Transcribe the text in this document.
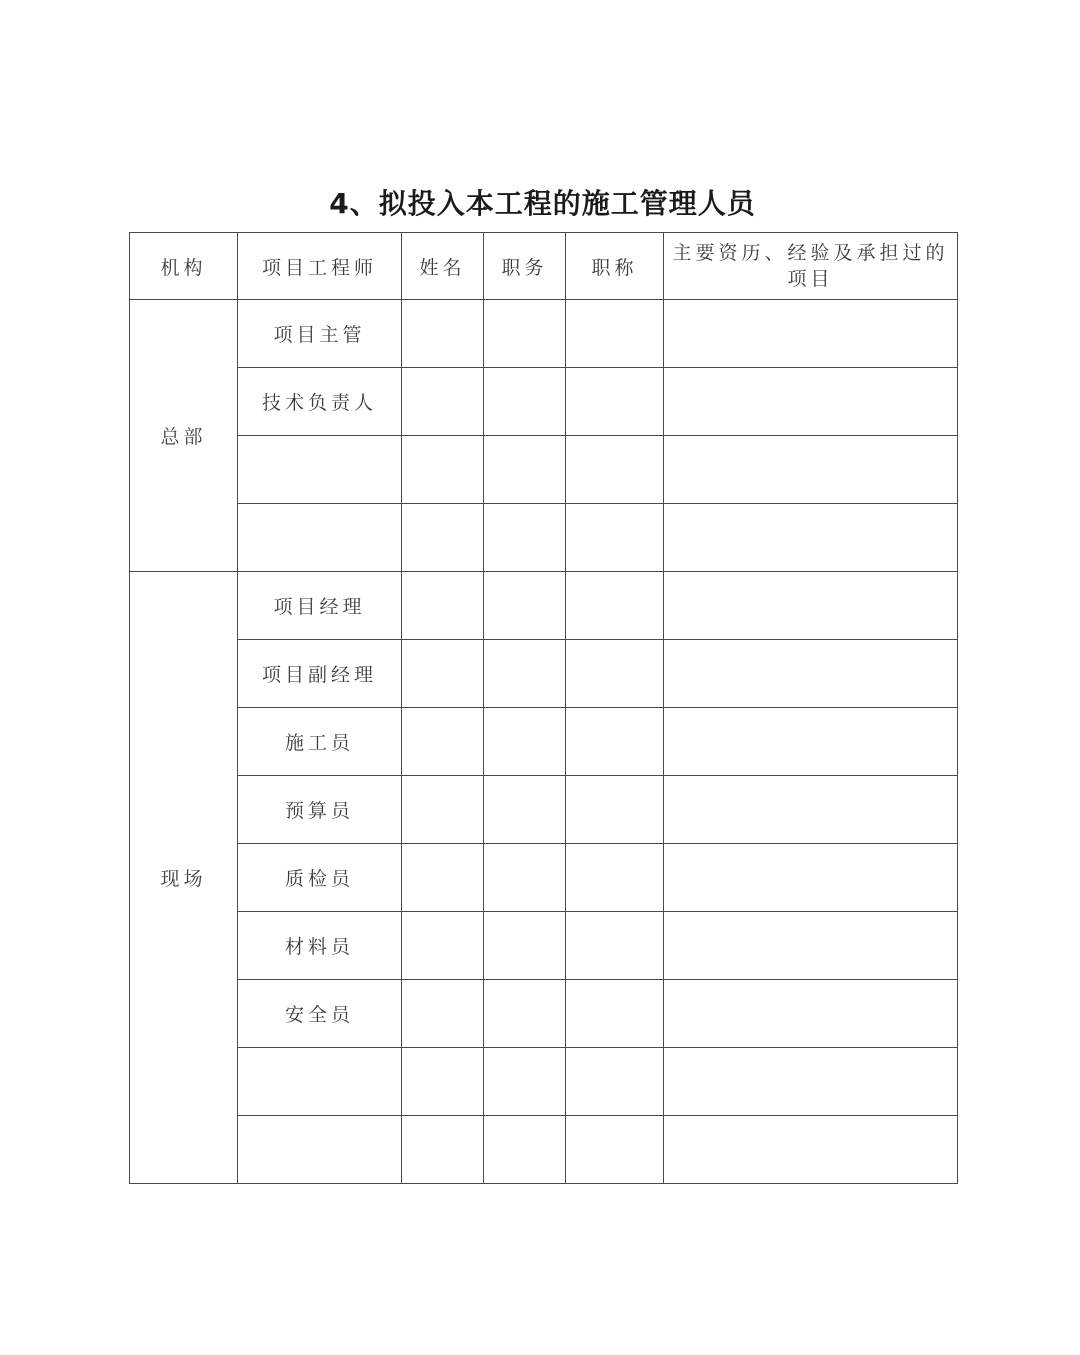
4、拟投入本工程的施工管理人员
机构	项目工程师	姓名	职务	职称	主要资历、经验及承担过的项目
总部	项目主管				
	技术负责人				

现场	项目经理				
	项目副经理				
	施工员				
	预算员				
	质检员				
	材料员				
	安全员				
